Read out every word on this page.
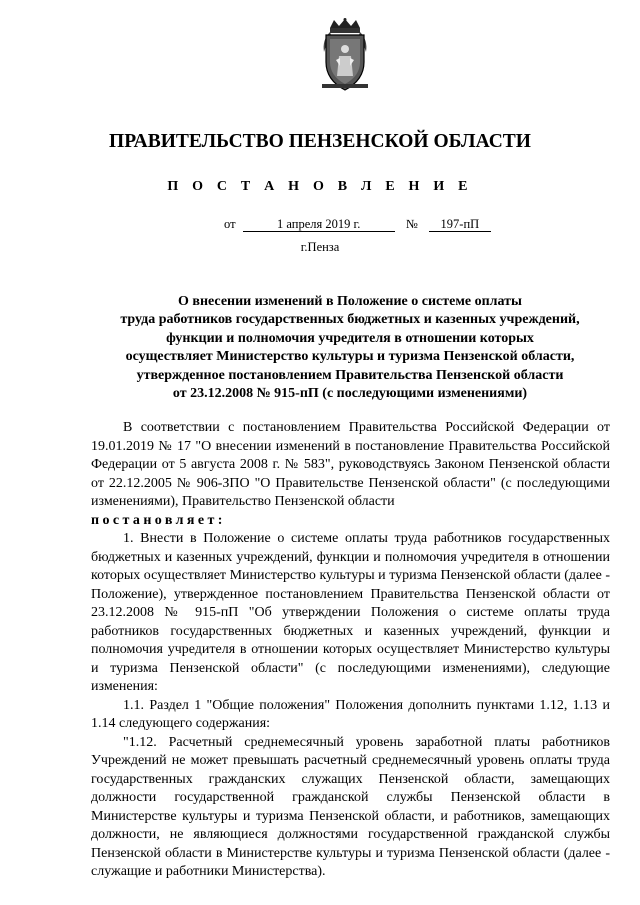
ПРАВИТЕЛЬСТВО ПЕНЗЕНСКОЙ ОБЛАСТИ
П О С Т А Н О В Л Е Н И Е
от	1 апреля 2019 г.	№ 197-пП
г.Пенза
О внесении изменений в Положение о системе оплаты
труда работников государственных бюджетных и казенных учреждений,
функции и полномочия учредителя в отношении которых
осуществляет Министерство культуры и туризма Пензенской области,
утвержденное постановлением Правительства Пензенской области
от 23.12.2008 № 915-пП (с последующими изменениями)

В соответствии с постановлением Правительства Российской Федерации от 19.01.2019 № 17 "О внесении изменений в постановление Правительства Российской Федерации от 5 августа 2008 г. № 583", руководствуясь Законом Пензенской области от 22.12.2005 № 906-ЗПО "О Правительстве Пензенской области" (с последующими изменениями), Правительство Пензенской области

постановляет:

1. Внести в Положение о системе оплаты труда работников государственных бюджетных и казенных учреждений, функции и полномочия учредителя в отношении которых осуществляет Министерство культуры и туризма Пензенской области (далее - Положение), утвержденное постановлением Правительства Пензенской области от 23.12.2008 № 915-пП "Об утверждении Положения о системе оплаты труда работников государственных бюджетных и казенных учреждений, функции и полномочия учредителя в отношении которых осуществляет Министерство культуры и туризма Пензенской области" (с последующими изменениями), следующие изменения:

1.1. Раздел 1 "Общие положения" Положения дополнить пунктами 1.12, 1.13 и 1.14 следующего содержания:

"1.12. Расчетный среднемесячный уровень заработной платы работников Учреждений не может превышать расчетный среднемесячный уровень оплаты труда государственных гражданских служащих Пензенской области, замещающих должности государственной гражданской службы Пензенской области в Министерстве культуры и туризма Пензенской области, и работников, замещающих должности, не являющиеся должностями государственной гражданской службы Пензенской области в Министерстве культуры и туризма Пензенской области (далее - служащие и работники Министерства).
